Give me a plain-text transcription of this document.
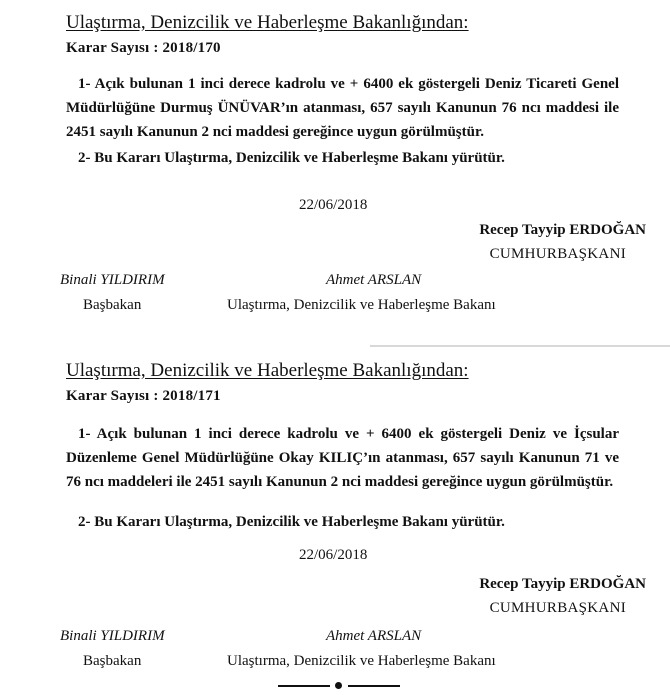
Ulaştırma, Denizcilik ve Haberleşme Bakanlığından:
Karar Sayısı : 2018/170

1- Açık bulunan 1 inci derece kadrolu ve + 6400 ek göstergeli Deniz Ticareti Genel Müdürlüğüne Durmuş ÜNÜVAR’ın atanması, 657 sayılı Kanunun 76 ncı maddesi ile 2451 sayılı Kanunun 2 nci maddesi gereğince uygun görülmüştür.

2- Bu Kararı Ulaştırma, Denizcilik ve Haberleşme Bakanı yürütür.

22/06/2018
Recep Tayyip ERDOĞAN
CUMHURBAŞKANI
Binali YILDIRIM	Ahmet ARSLAN
Başbakan	Ulaştırma, Denizcilik ve Haberleşme Bakanı
Ulaştırma, Denizcilik ve Haberleşme Bakanlığından:
Karar Sayısı : 2018/171

1- Açık bulunan 1 inci derece kadrolu ve + 6400 ek göstergeli Deniz ve İçsular Düzenleme Genel Müdürlüğüne Okay KILIÇ’ın atanması, 657 sayılı Kanunun 71 ve 76 ncı maddeleri ile 2451 sayılı Kanunun 2 nci maddesi gereğince uygun görülmüştür.

2- Bu Kararı Ulaştırma, Denizcilik ve Haberleşme Bakanı yürütür.

22/06/2018
Recep Tayyip ERDOĞAN
CUMHURBAŞKANI
Binali YILDIRIM	Ahmet ARSLAN
Başbakan	Ulaştırma, Denizcilik ve Haberleşme Bakanı
